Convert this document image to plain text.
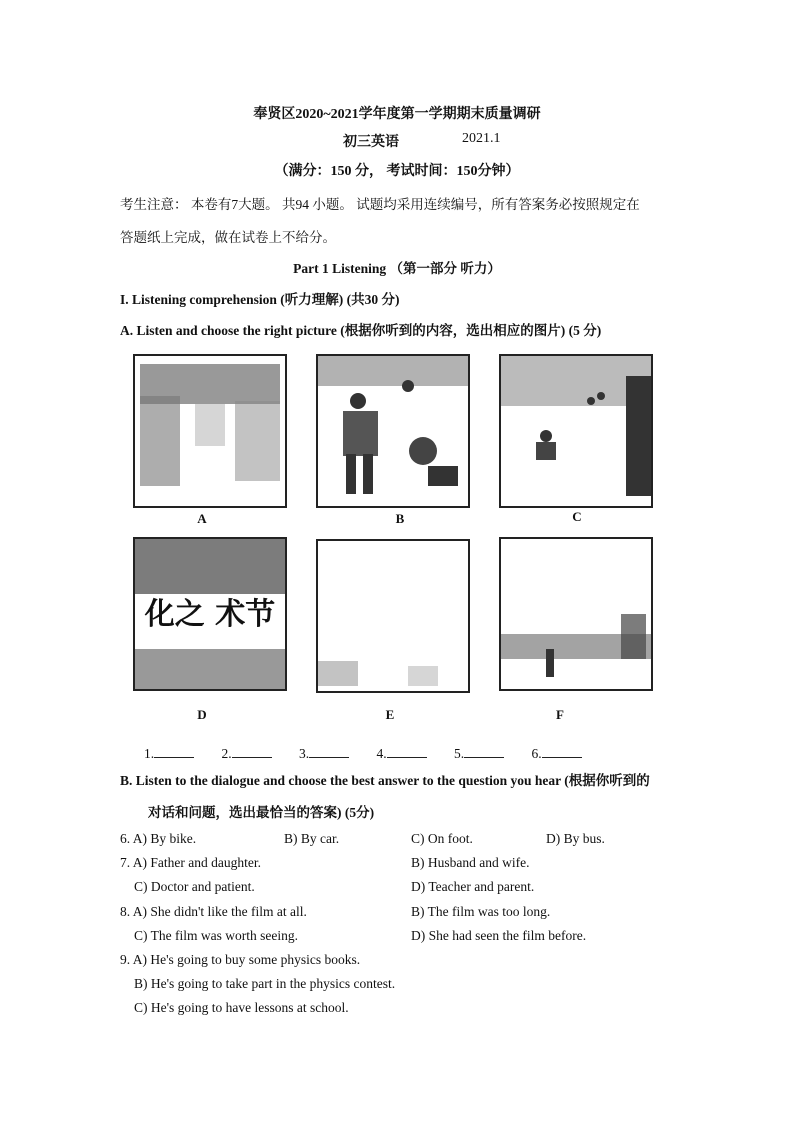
奉贤区2020~2021学年度第一学期期末质量调研
初三英语	2021.1
（满分：150 分， 考试时间：150分钟）
考生注意： 本卷有7大题。 共94 小题。 试题均采用连续编号，所有答案务必按照规定在
答题纸上完成，做在试卷上不给分。
Part 1 Listening （第一部分 听力）
I. Listening comprehension (听力理解) (共30 分)
A. Listen and choose the right picture (根据你听到的内容，选出相应的图片) (5 分)
A	B	C
化之 术节
D	E	F
1.	2.	3.	4.	5.	6.
B. Listen to the dialogue and choose the best answer to the question you hear (根据你听到的
对话和问题，选出最恰当的答案) (5分)
6. A) By bike.	B) By car.	C) On foot.	D) By bus.
7. A) Father and daughter.	B) Husband and wife.
C) Doctor and patient.	D) Teacher and parent.
8. A) She didn't like the film at all.	B) The film was too long.
C) The film was worth seeing.	D) She had seen the film before.
9. A) He's going to buy some physics books.
B) He's going to take part in the physics contest.
C) He's going to have lessons at school.
